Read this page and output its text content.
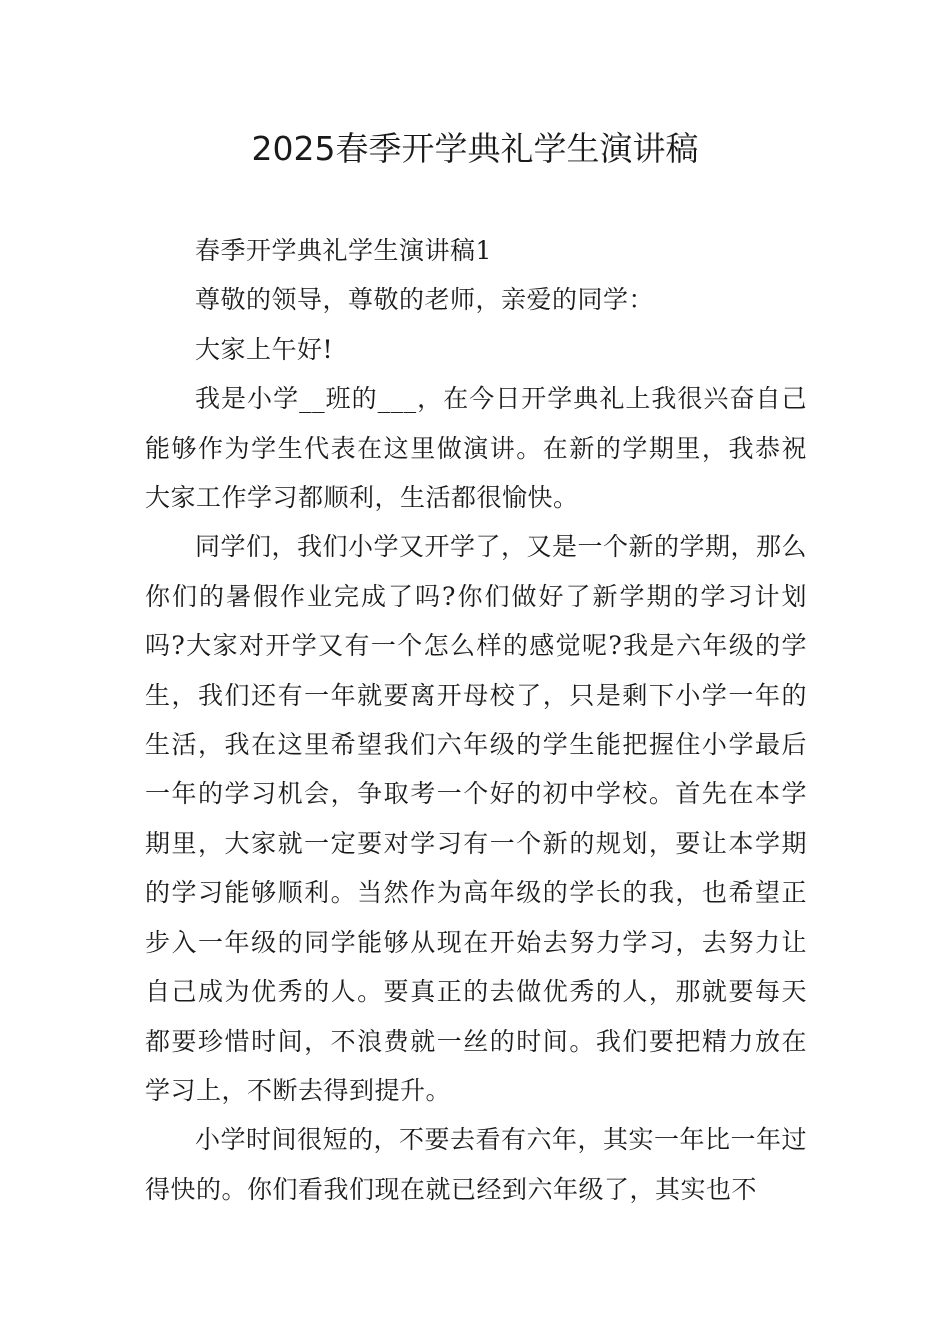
2025春季开学典礼学生演讲稿

春季开学典礼学生演讲稿1

尊敬的领导，尊敬的老师，亲爱的同学：

大家上午好!

我是小学__班的___，在今日开学典礼上我很兴奋自己能够作为学生代表在这里做演讲。在新的学期里，我恭祝大家工作学习都顺利，生活都很愉快。

同学们，我们小学又开学了，又是一个新的学期，那么你们的暑假作业完成了吗?你们做好了新学期的学习计划吗?大家对开学又有一个怎么样的感觉呢?我是六年级的学生，我们还有一年就要离开母校了，只是剩下小学一年的生活，我在这里希望我们六年级的学生能把握住小学最后一年的学习机会，争取考一个好的初中学校。首先在本学期里，大家就一定要对学习有一个新的规划，要让本学期的学习能够顺利。当然作为高年级的学长的我，也希望正步入一年级的同学能够从现在开始去努力学习，去努力让自己成为优秀的人。要真正的去做优秀的人，那就要每天都要珍惜时间，不浪费就一丝的时间。我们要把精力放在学习上，不断去得到提升。

小学时间很短的，不要去看有六年，其实一年比一年过得快的。你们看我们现在就已经到六年级了，其实也不
